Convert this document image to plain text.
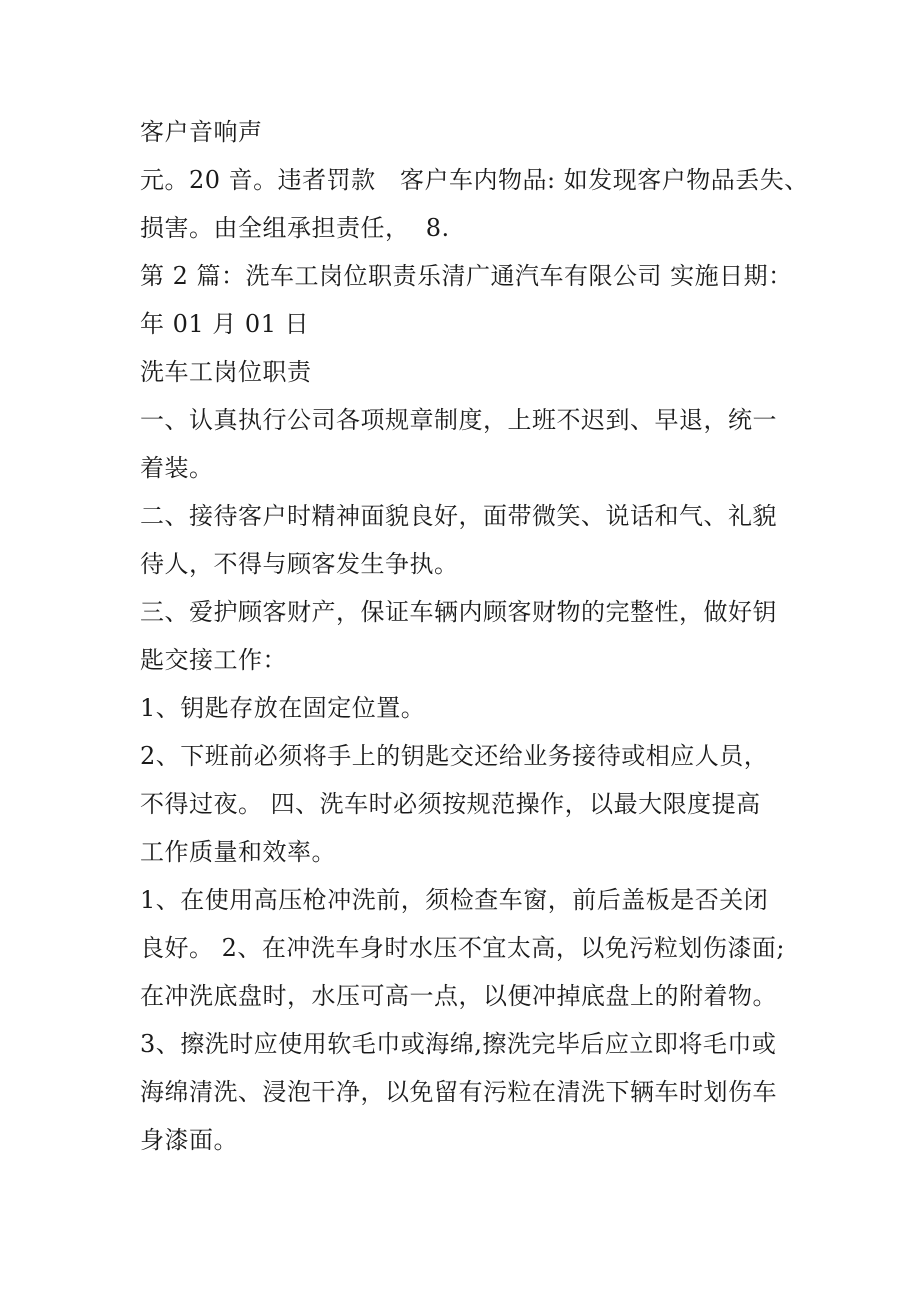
客户音响声
元。20 音。违者罚款   客户车内物品: 如发现客户物品丢失、
损害。由全组承担责任，  8.
第 2 篇：洗车工岗位职责乐清广通汽车有限公司 实施日期：
年 01 月 01 日
洗车工岗位职责
一、认真执行公司各项规章制度，上班不迟到、早退，统一
着装。
二、接待客户时精神面貌良好，面带微笑、说话和气、礼貌
待人，不得与顾客发生争执。
三、爱护顾客财产，保证车辆内顾客财物的完整性，做好钥
匙交接工作：
1、钥匙存放在固定位置。
2、下班前必须将手上的钥匙交还给业务接待或相应人员，
不得过夜。 四、洗车时必须按规范操作，以最大限度提高
工作质量和效率。
1、在使用高压枪冲洗前，须检查车窗，前后盖板是否关闭
良好。 2、在冲洗车身时水压不宜太高，以免污粒划伤漆面;
在冲洗底盘时，水压可高一点，以便冲掉底盘上的附着物。
3、擦洗时应使用软毛巾或海绵,擦洗完毕后应立即将毛巾或
海绵清洗、浸泡干净，以免留有污粒在清洗下辆车时划伤车
身漆面。
